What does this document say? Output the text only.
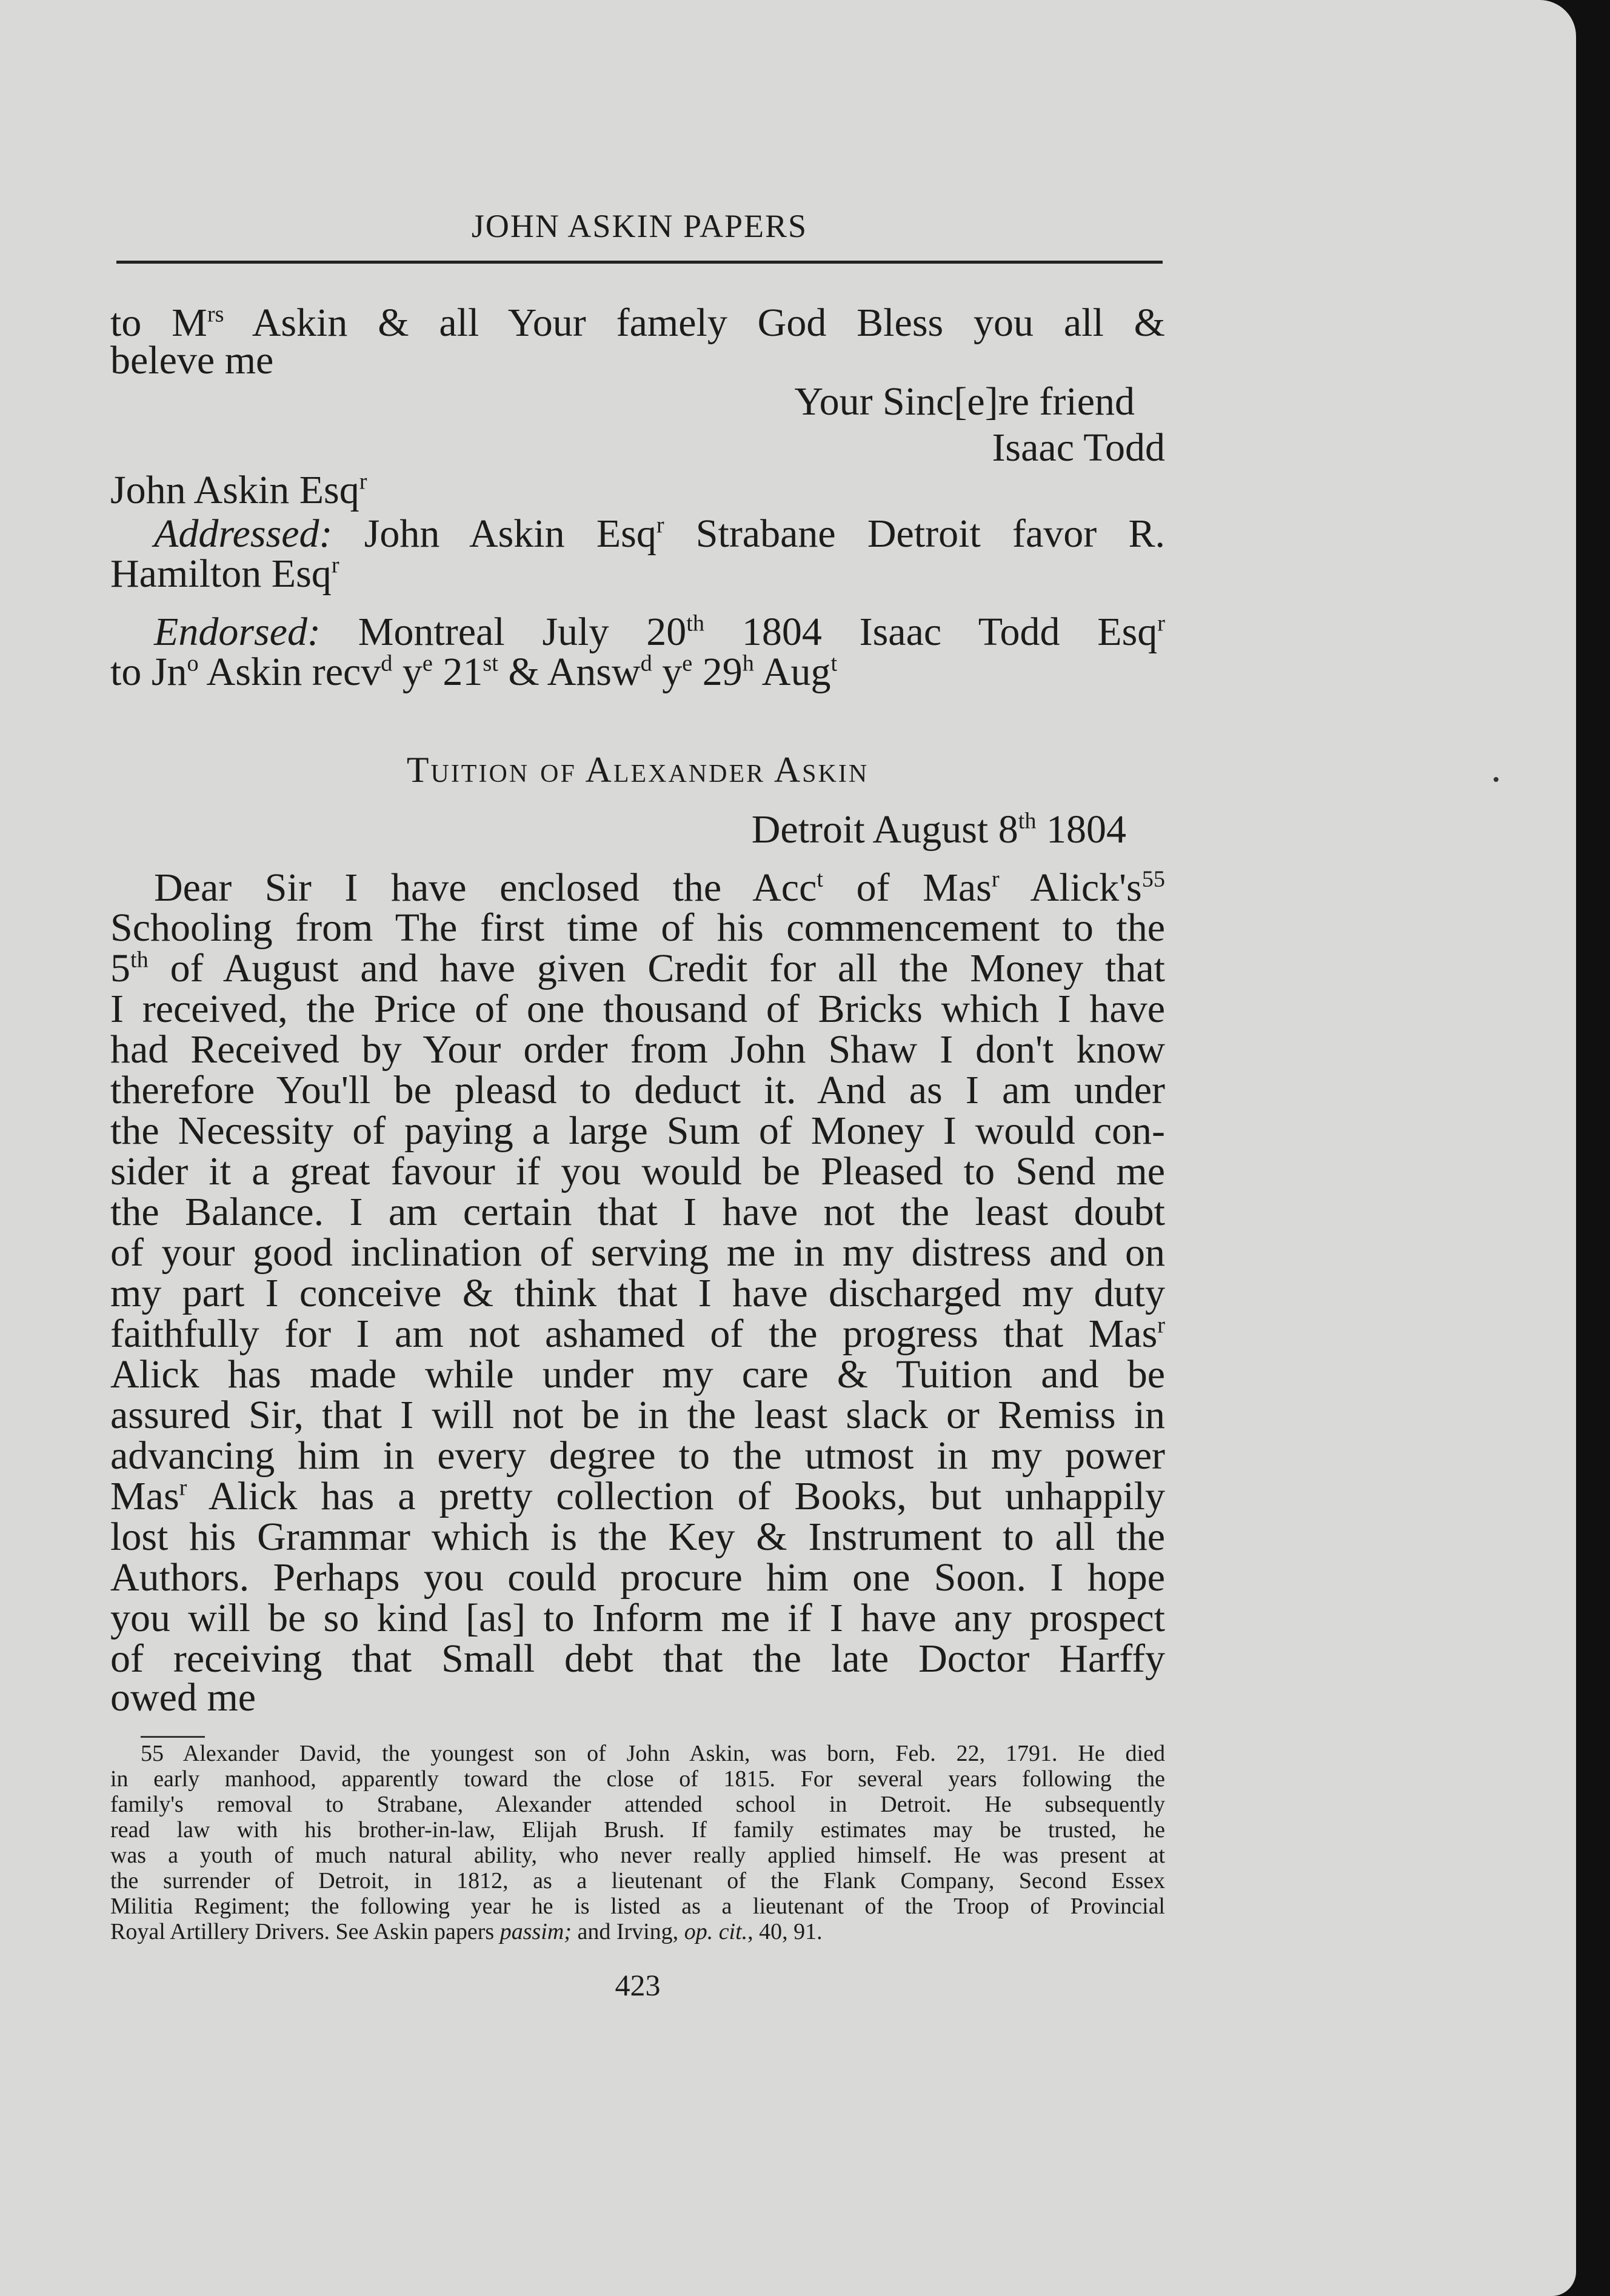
JOHN ASKIN PAPERS
to $M^{rs}$ Askin & all Your famely God Bless you all &
beleve me
Your Sinc[e]re friend
Isaac Todd
John Askin Esq$^r$
Addressed: John Askin Esq$^r$ Strabane Detroit favor R.
Hamilton Esq$^r$
Endorsed: Montreal July 20th 1804 Isaac Todd Esq$^r$
to Jn$^o$ Askin recv$^d$ $y^e$ 21st & Answ$^d$ $y^e$ 29$^h$ Aug$^t$
Tuition of Alexander Askin
Detroit August 8th 1804
Dear Sir I have enclosed the Acc$^t$ of Mas$^r$ $Alick's^{55}$
Schooling from The first time of his commencement to the
5th of August and have given Credit for all the Money that
I received, the Price of one thousand of Bricks which I have
had Received by Your order from John Shaw I don't know
therefore You'll be pleasd to deduct it. And as I am under
the Necessity of paying a large Sum of Money I would con-
sider it a great favour if you would be Pleased to Send me
the Balance. I am certain that I have not the least doubt
of your good inclination of serving me in my distress and on
my part I conceive & think that I have discharged my duty
faithfully for I am not ashamed of the progress that Mas$^r$
Alick has made while under my care & Tuition and be
assured Sir, that I will not be in the least slack or Remiss in
advancing him in every degree to the utmost in my power
Mas$^r$ Alick has a pretty collection of Books, but unhappily
lost his Grammar which is the Key & Instrument to all the
Authors. Perhaps you could procure him one Soon. I hope
you will be so kind [as] to Inform me if I have any prospect
of receiving that Small debt that the late Doctor Harffy
owed me
55 Alexander David, the youngest son of John Askin, was born, Feb. 22, 1791. He died
in early manhood, apparently toward the close of 1815. For several years following the
family's removal to Strabane, Alexander attended school in Detroit. He subsequently
read law with his brother-in-law, Elijah Brush. If family estimates may be trusted, he
was a youth of much natural ability, who never really applied himself. He was present at
the surrender of Detroit, in 1812, as a lieutenant of the Flank Company, Second Essex
Militia Regiment; the following year he is listed as a lieutenant of the Troop of Provincial
Royal Artillery Drivers. See Askin papers passim; and Irving, op. cit., 40, 91.
423
